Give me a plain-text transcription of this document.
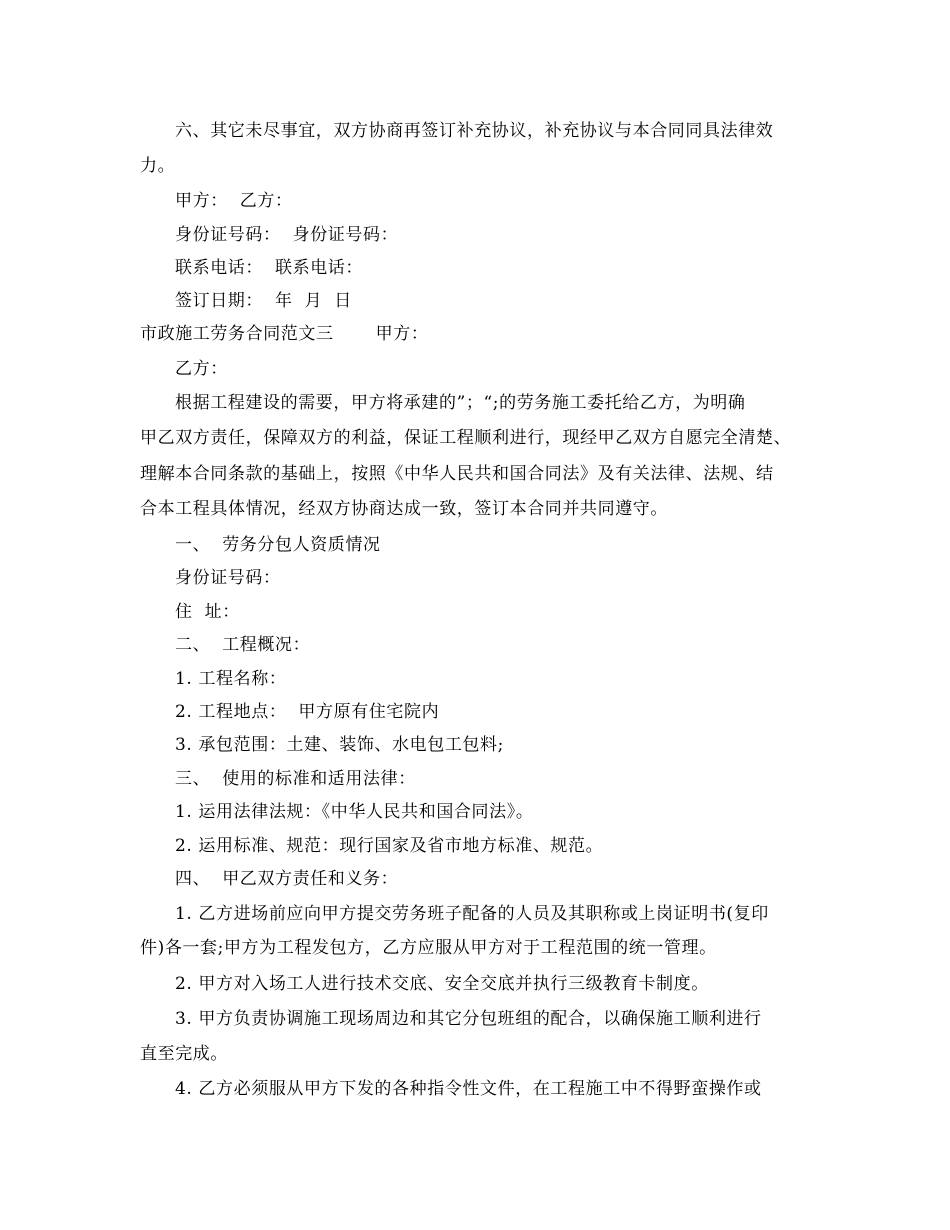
六、其它未尽事宜，双方协商再签订补充协议，补充协议与本合同同具法律效
力。
甲方：  乙方：
身份证号码：  身份证号码：
联系电话：  联系电话：
签订日期：  年  月  日
市政施工劳务合同范文三       甲方：
乙方：
根据工程建设的需要，甲方将承建的”；“;的劳务施工委托给乙方，为明确
甲乙双方责任，保障双方的利益，保证工程顺利进行，现经甲乙双方自愿完全清楚、
理解本合同条款的基础上，按照《中华人民共和国合同法》及有关法律、法规、结
合本工程具体情况，经双方协商达成一致，签订本合同并共同遵守。
一、  劳务分包人资质情况
身份证号码：
住  址：
二、  工程概况：
1. 工程名称：
2. 工程地点：  甲方原有住宅院内
3. 承包范围：土建、装饰、水电包工包料;
三、  使用的标准和适用法律：
1. 运用法律法规：《中华人民共和国合同法》。
2. 运用标准、规范：现行国家及省市地方标准、规范。
四、  甲乙双方责任和义务：
1. 乙方进场前应向甲方提交劳务班子配备的人员及其职称或上岗证明书(复印
件)各一套;甲方为工程发包方，乙方应服从甲方对于工程范围的统一管理。
2. 甲方对入场工人进行技术交底、安全交底并执行三级教育卡制度。
3. 甲方负责协调施工现场周边和其它分包班组的配合，以确保施工顺利进行
直至完成。
4. 乙方必须服从甲方下发的各种指令性文件，在工程施工中不得野蛮操作或
